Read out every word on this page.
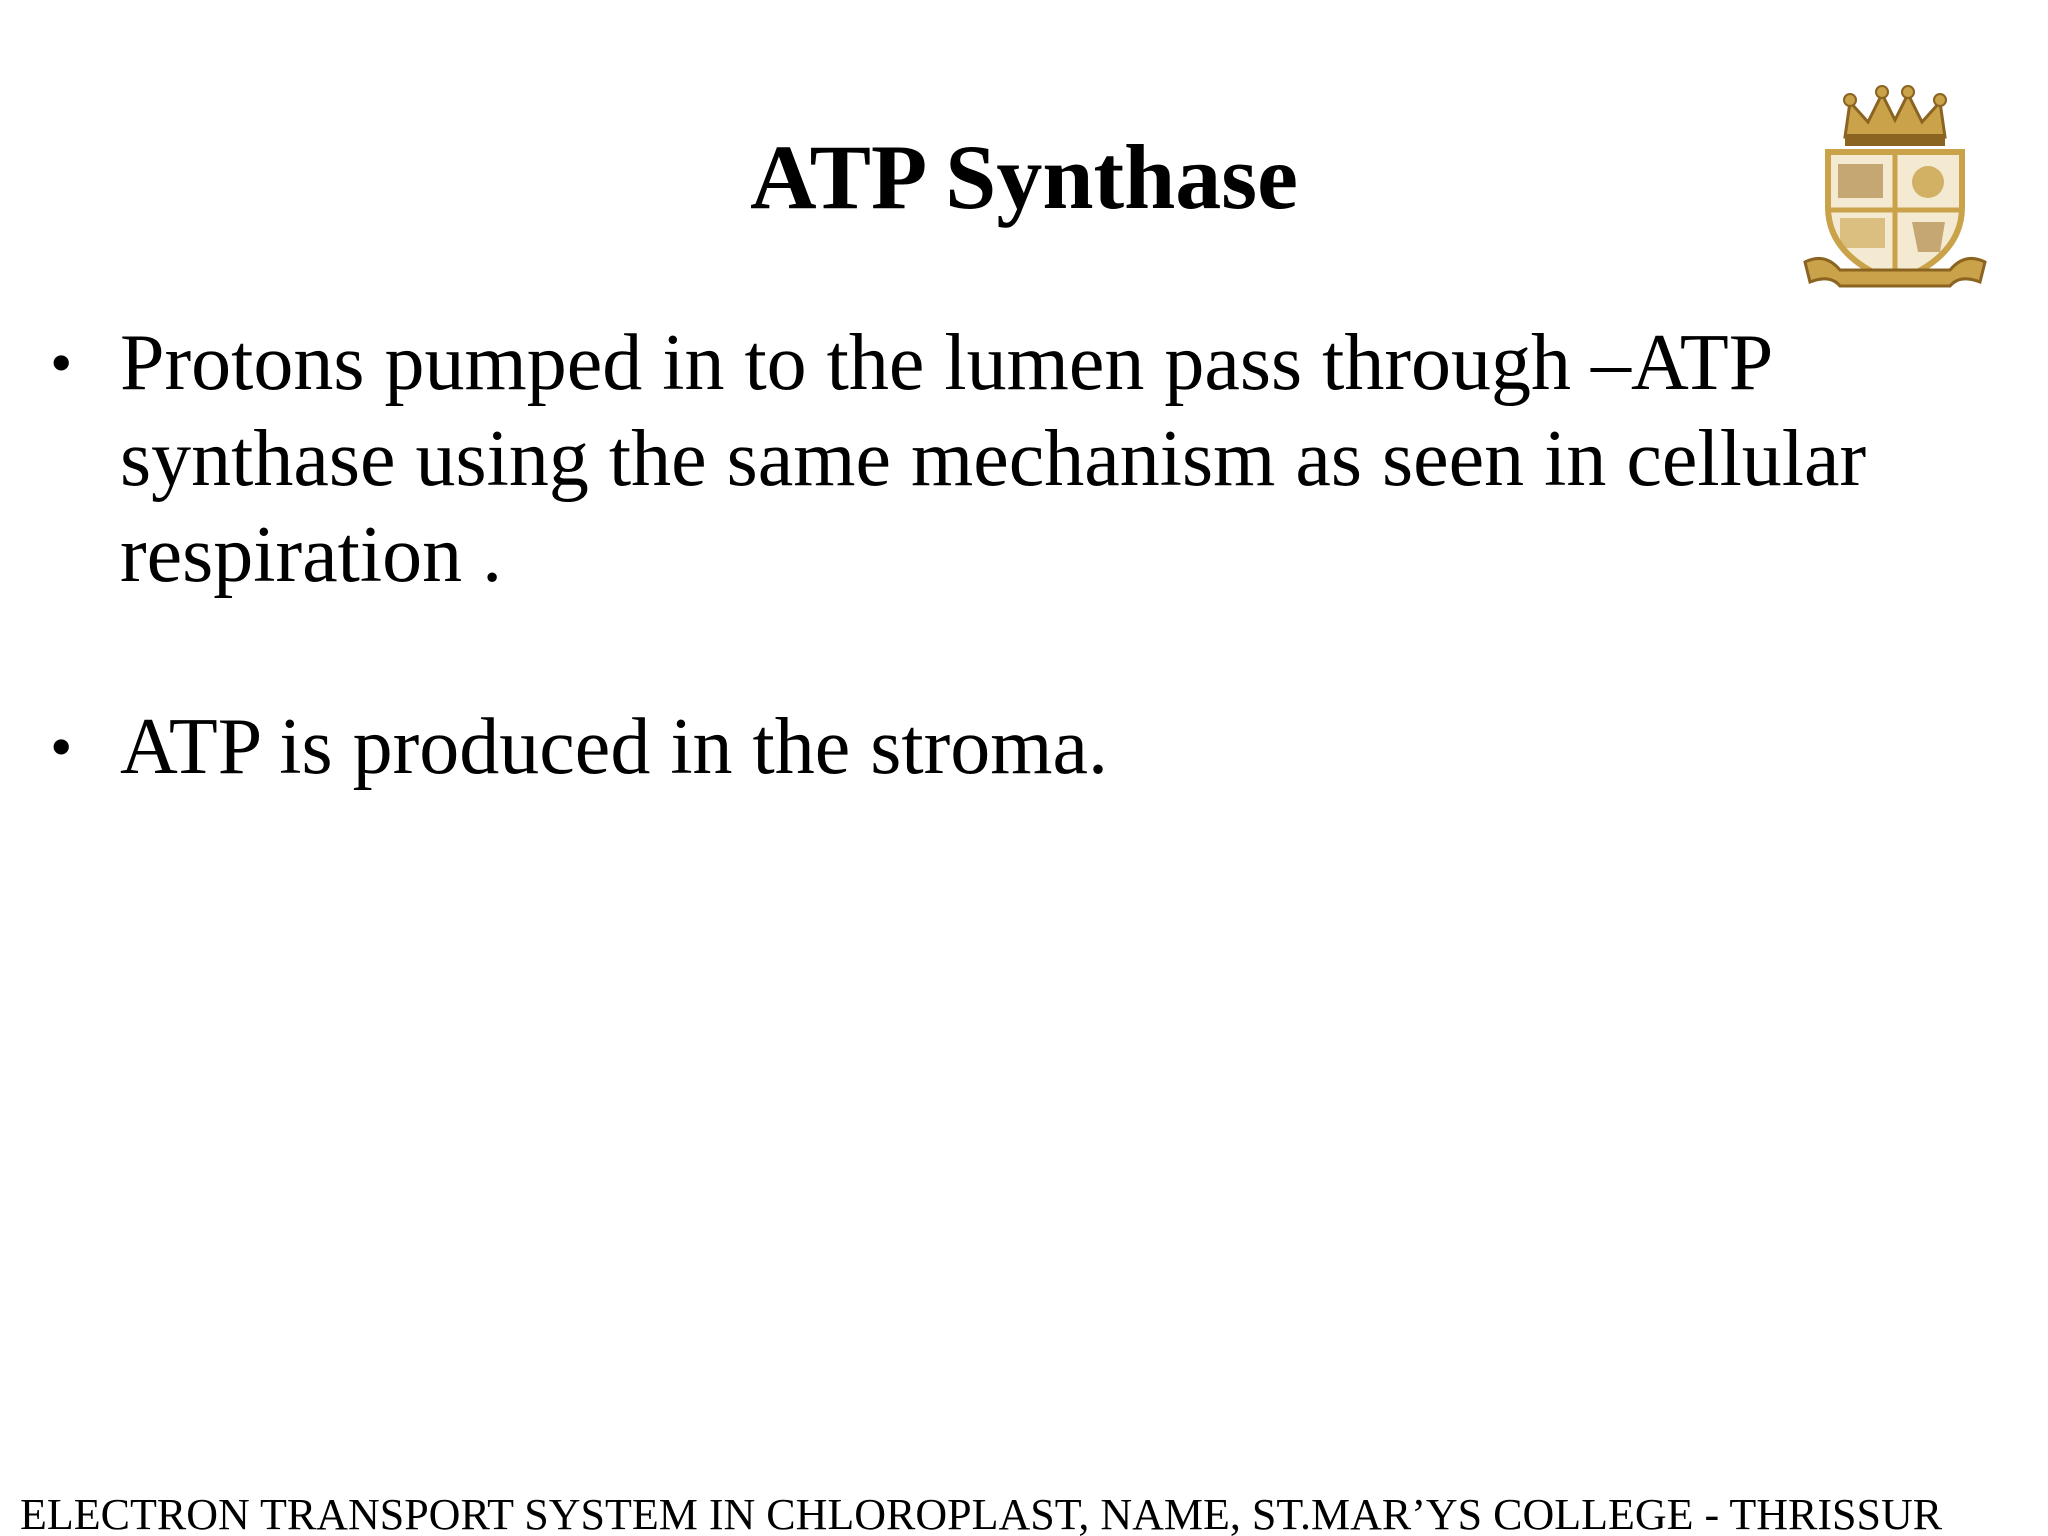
ATP Synthase
• Protons pumped in to the lumen pass through –ATP synthase using the same mechanism as seen in cellular respiration .
• ATP is produced in the stroma.
ELECTRON TRANSPORT SYSTEM IN CHLOROPLAST, NAME, ST.MAR’YS COLLEGE - THRISSUR
